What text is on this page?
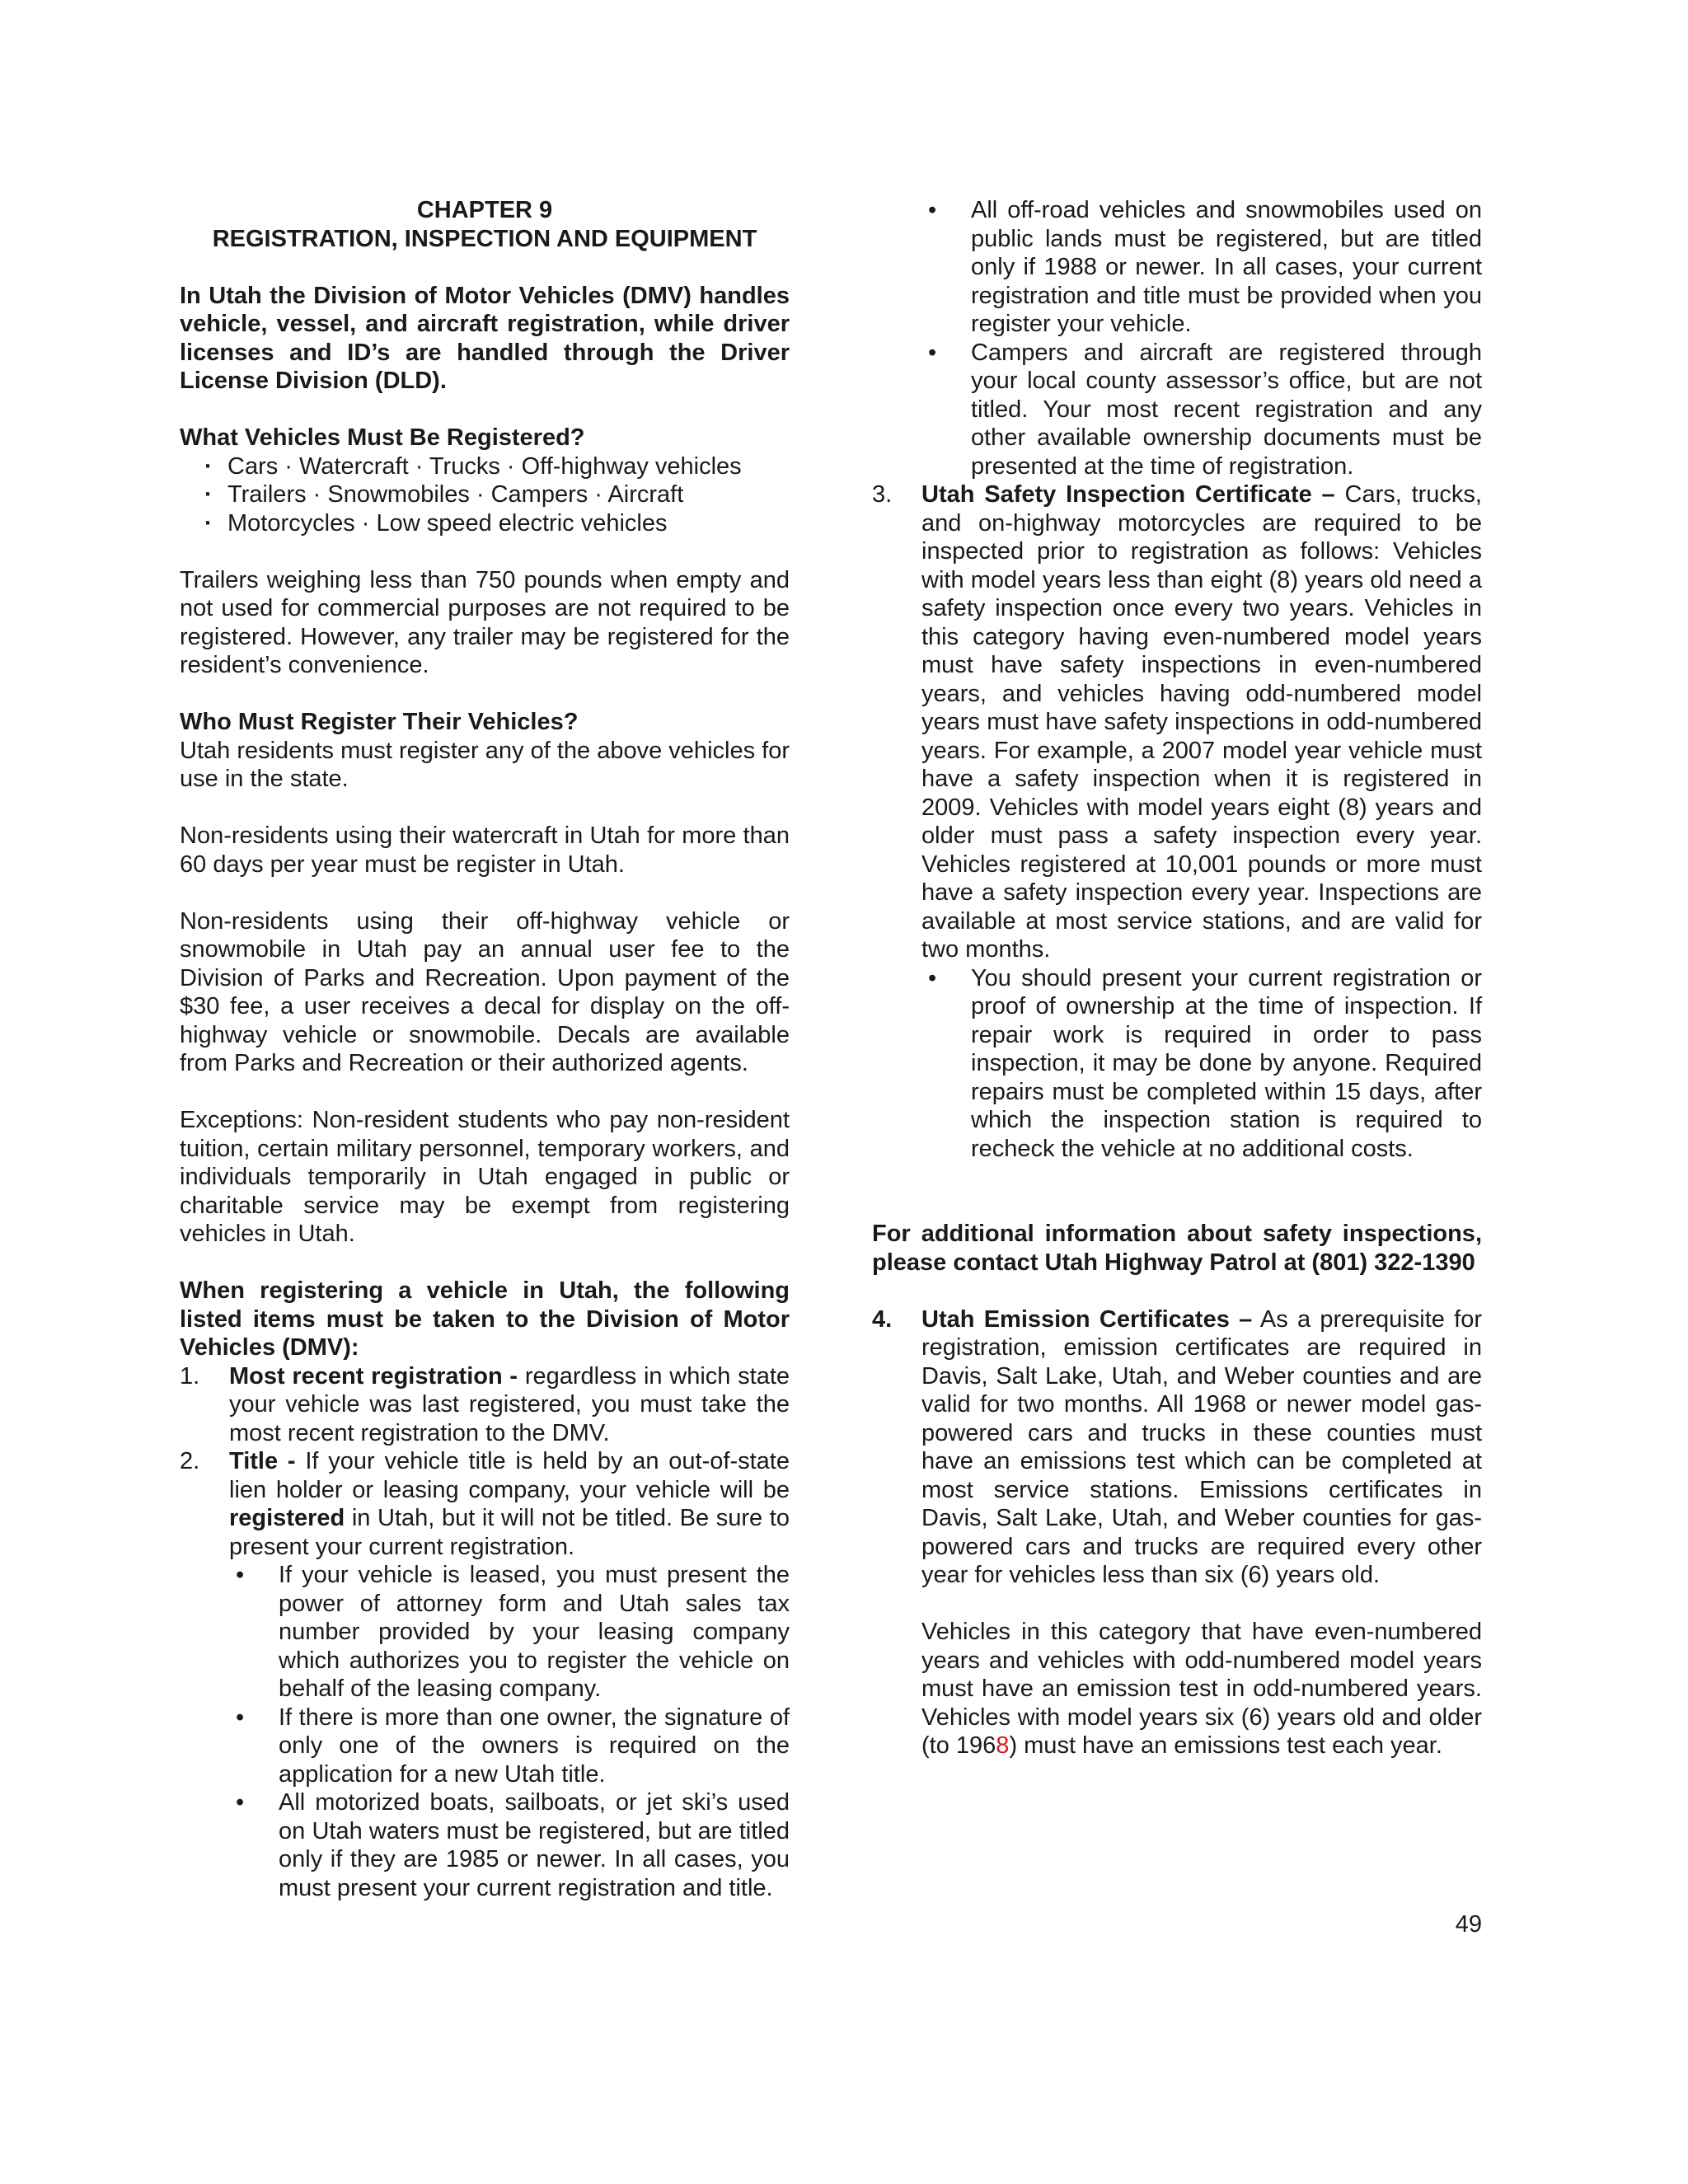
CHAPTER 9

REGISTRATION, INSPECTION AND EQUIPMENT

In Utah the Division of Motor Vehicles (DMV) handles vehicle, vessel, and aircraft registration, while driver licenses and ID’s are handled through the Driver License Division (DLD).

What Vehicles Must Be Registered?

· Cars · Watercraft · Trucks · Off-highway vehicles
· Trailers · Snowmobiles · Campers · Aircraft
· Motorcycles · Low speed electric vehicles

Trailers weighing less than 750 pounds when empty and not used for commercial purposes are not required to be registered. However, any trailer may be registered for the resident’s convenience.

Who Must Register Their Vehicles?

Utah residents must register any of the above vehicles for use in the state.

Non-residents using their watercraft in Utah for more than 60 days per year must be register in Utah.

Non-residents using their off-highway vehicle or snowmobile in Utah pay an annual user fee to the Division of Parks and Recreation. Upon payment of the $30 fee, a user receives a decal for display on the off-highway vehicle or snowmobile. Decals are available from Parks and Recreation or their authorized agents.

Exceptions: Non-resident students who pay non-resident tuition, certain military personnel, temporary workers, and individuals temporarily in Utah engaged in public or charitable service may be exempt from registering vehicles in Utah.

When registering a vehicle in Utah, the following listed items must be taken to the Division of Motor Vehicles (DMV):

1. Most recent registration - regardless in which state your vehicle was last registered, you must take the most recent registration to the DMV.
2. Title - If your vehicle title is held by an out-of-state lien holder or leasing company, your vehicle will be registered in Utah, but it will not be titled. Be sure to present your current registration.
• If your vehicle is leased, you must present the power of attorney form and Utah sales tax number provided by your leasing company which authorizes you to register the vehicle on behalf of the leasing company.
• If there is more than one owner, the signature of only one of the owners is required on the application for a new Utah title.
• All motorized boats, sailboats, or jet ski’s used on Utah waters must be registered, but are titled only if they are 1985 or newer. In all cases, you must present your current registration and title.
• All off-road vehicles and snowmobiles used on public lands must be registered, but are titled only if 1988 or newer. In all cases, your current registration and title must be provided when you register your vehicle.
• Campers and aircraft are registered through your local county assessor’s office, but are not titled. Your most recent registration and any other available ownership documents must be presented at the time of registration.
3. Utah Safety Inspection Certificate – Cars, trucks, and on-highway motorcycles are required to be inspected prior to registration as follows: Vehicles with model years less than eight (8) years old need a safety inspection once every two years. Vehicles in this category having even-numbered model years must have safety inspections in even-numbered years, and vehicles having odd-numbered model years must have safety inspections in odd-numbered years. For example, a 2007 model year vehicle must have a safety inspection when it is registered in 2009. Vehicles with model years eight (8) years and older must pass a safety inspection every year. Vehicles registered at 10,001 pounds or more must have a safety inspection every year. Inspections are available at most service stations, and are valid for two months.
• You should present your current registration or proof of ownership at the time of inspection. If repair work is required in order to pass inspection, it may be done by anyone. Required repairs must be completed within 15 days, after which the inspection station is required to recheck the vehicle at no additional costs.

For additional information about safety inspections, please contact Utah Highway Patrol at (801) 322-1390

4. Utah Emission Certificates – As a prerequisite for registration, emission certificates are required in Davis, Salt Lake, Utah, and Weber counties and are valid for two months. All 1968 or newer model gas-powered cars and trucks in these counties must have an emissions test which can be completed at most service stations. Emissions certificates in Davis, Salt Lake, Utah, and Weber counties for gas-powered cars and trucks are required every other year for vehicles less than six (6) years old.

Vehicles in this category that have even-numbered years and vehicles with odd-numbered model years must have an emission test in odd-numbered years. Vehicles with model years six (6) years old and older (to 1968) must have an emissions test each year.

49
